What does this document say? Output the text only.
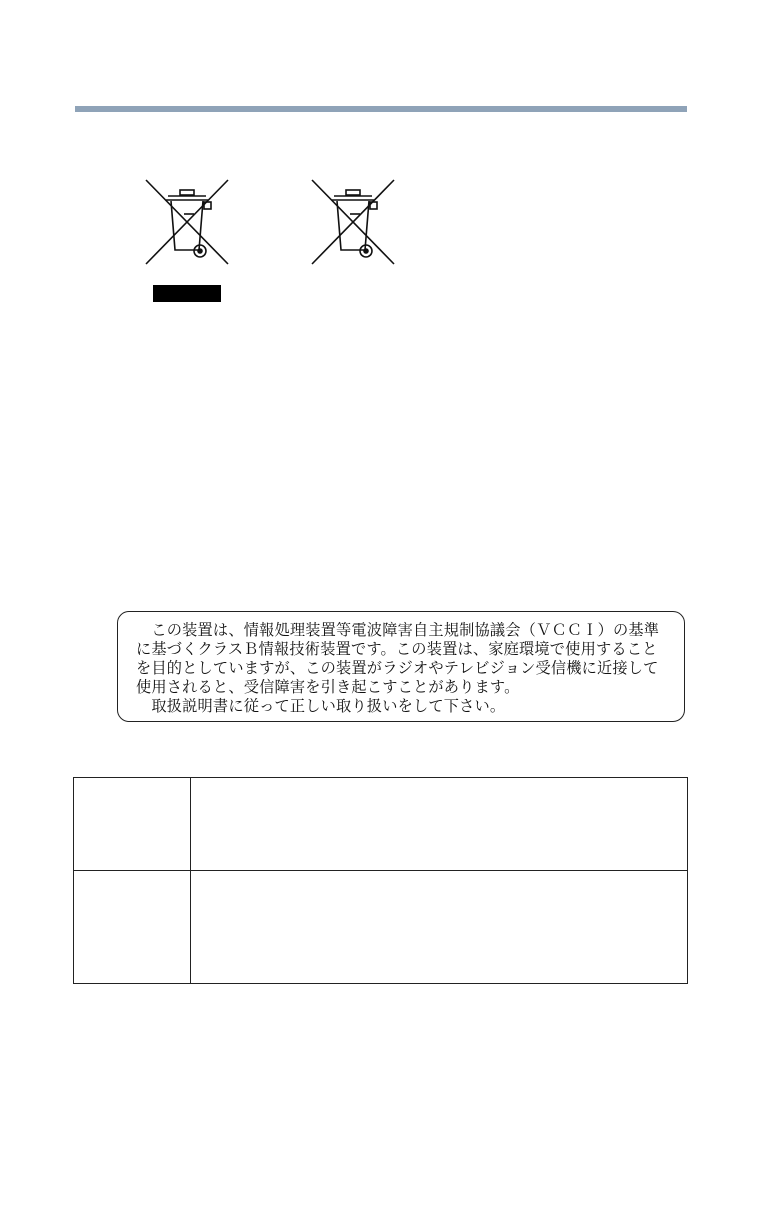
　この装置は、情報処理装置等電波障害自主規制協議会（ＶＣＣＩ）の基準
に基づくクラスＢ情報技術装置です。この装置は、家庭環境で使用すること
を目的としていますが、この装置がラジオやテレビジョン受信機に近接して
使用されると、受信障害を引き起こすことがあります。
　取扱説明書に従って正しい取り扱いをして下さい。
